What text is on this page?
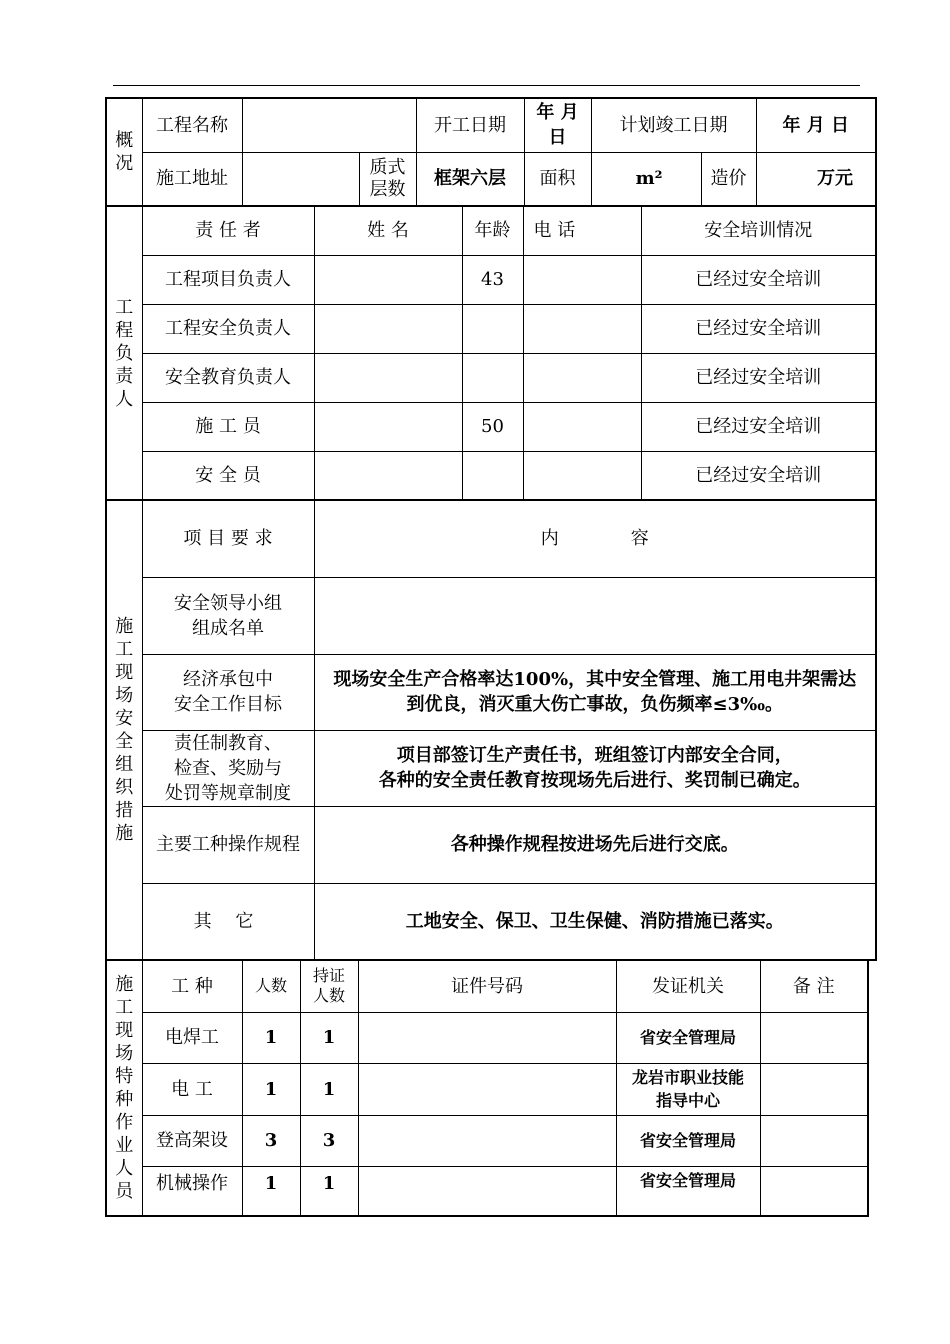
概况	工程名称			开工日期	年 月 日	计划竣工日期		年 月 日
	施工地址		质式
层数	框架六层	面积	m²	造价	万元
工程负责人	责 任 者	姓 名	年龄	电 话	安全培训情况
	工程项目负责人		43		已经过安全培训
	工程安全负责人				已经过安全培训
	安全教育负责人				已经过安全培训
	施 工 员		50		已经过安全培训
	安 全 员				已经过安全培训
施工现场安全组织措施	项 目 要 求	内　　　　容
	安全领导小组
组成名单	
	经济承包中
安全工作目标	现场安全生产合格率达100%，其中安全管理、施工用电井架需达到优良，消灭重大伤亡事故，负伤频率≤3‰。
	责任制教育、
检查、奖励与
处罚等规章制度	项目部签订生产责任书，班组签订内部安全合同，
各种的安全责任教育按现场先后进行、奖罚制已确定。
	主要工种操作规程	各种操作规程按进场先后进行交底。
	其 它	工地安全、保卫、卫生保健、消防措施已落实。
施工现场特种作业人员	工 种	人数	持证
人数	证件号码	发证机关	备 注
	电焊工	1	1		省安全管理局	
	电 工	1	1		龙岩市职业技能
指导中心	
	登高架设	3	3		省安全管理局	
	机械操作	1	1		省安全管理局	
